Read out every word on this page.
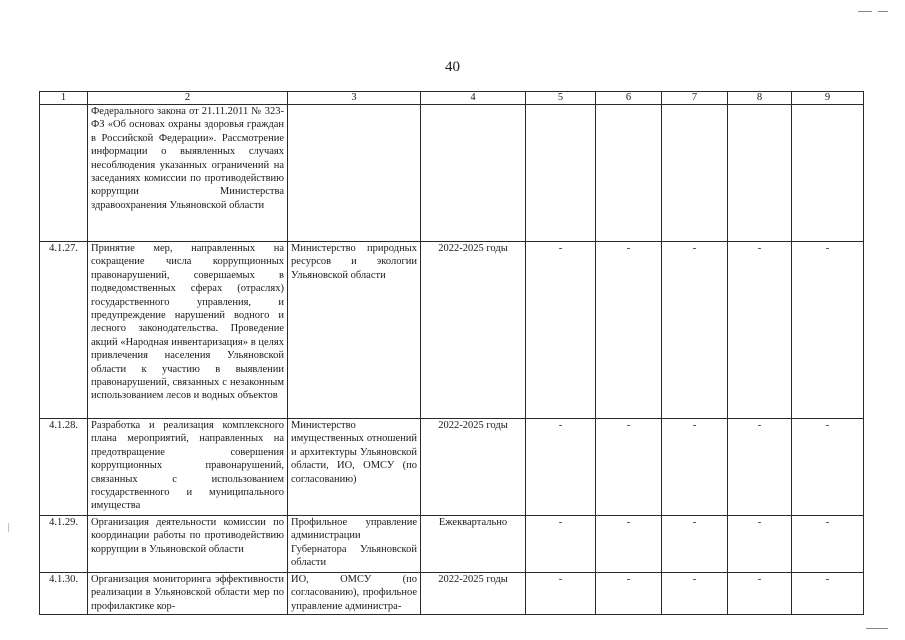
40
⁄
1	2	3	4	5	6	7	8	9
	Федерального закона от 21.11.2011 № 323-ФЗ «Об основах охраны здоровья граждан в Российской Федерации». Рассмотрение информации о выявленных случаях несоблюдения указанных ограничений на заседаниях комиссии по противодействию коррупции Министерства здравоохранения Ульяновской области							
4.1.27.	Принятие мер, направленных на сокращение числа коррупционных правонарушений, совершаемых в подведомственных сферах (отраслях) государственного управления, и предупреждение нарушений водного и лесного законодательства. Проведение акций «Народная инвентаризация» в целях привлечения населения Ульяновской области к участию в выявлении правонарушений, связанных с незаконным использованием лесов и водных объектов	Министерство природных ресурсов и экологии Ульяновской области	2022-2025 годы	-	-	-	-	-
4.1.28.	Разработка и реализация комплексного плана мероприятий, направленных на предотвращение совершения коррупционных правонарушений, связанных с использованием государственного и муниципального имущества	Министерство имущественных отношений и архитектуры Ульяновской области, ИО, ОМСУ (по согласованию)	2022-2025 годы	-	-	-	-	-
4.1.29.	Организация деятельности комиссии по координации работы по противодействию коррупции в Ульяновской области	Профильное управление администрации Губернатора Ульяновской области	Ежеквартально	-	-	-	-	-
4.1.30.	Организация мониторинга эффективности реализации в Ульяновской области мер по профилактике кор-	ИО, ОМСУ (по согласованию), профильное управление администра-	2022-2025 годы	-	-	-	-	-
